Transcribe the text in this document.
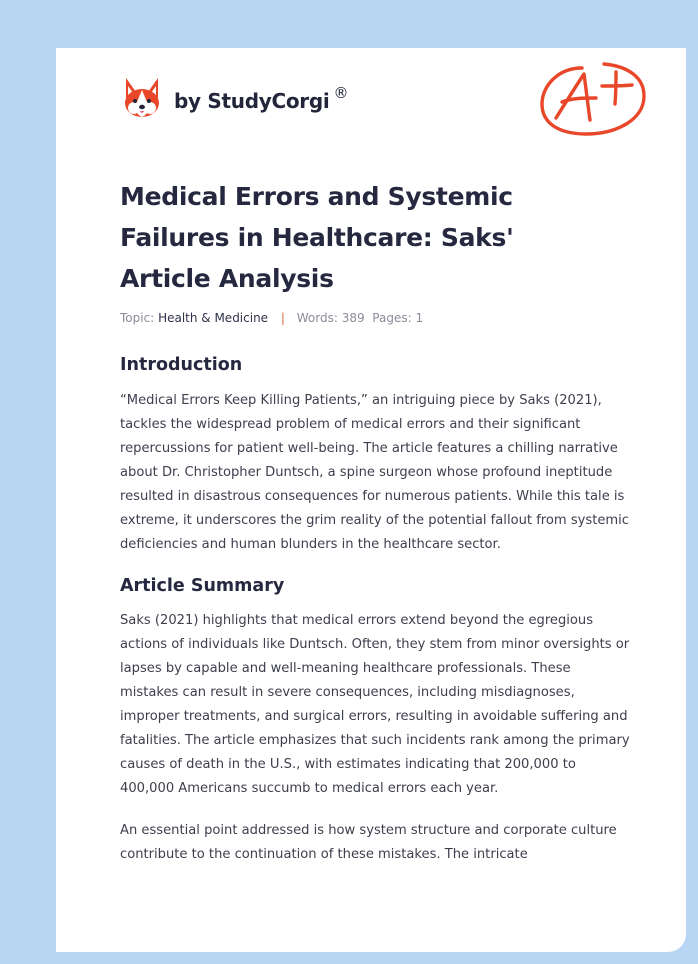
by StudyCorgi ®
Medical Errors and Systemic Failures in Healthcare: Saks' Article Analysis
Topic: Health & Medicine | Words: 389 Pages: 1
Introduction

“Medical Errors Keep Killing Patients,” an intriguing piece by Saks (2021), tackles the widespread problem of medical errors and their significant repercussions for patient well-being. The article features a chilling narrative about Dr. Christopher Duntsch, a spine surgeon whose profound ineptitude resulted in disastrous consequences for numerous patients. While this tale is extreme, it underscores the grim reality of the potential fallout from systemic deficiencies and human blunders in the healthcare sector.

Article Summary

Saks (2021) highlights that medical errors extend beyond the egregious actions of individuals like Duntsch. Often, they stem from minor oversights or lapses by capable and well-meaning healthcare professionals. These mistakes can result in severe consequences, including misdiagnoses, improper treatments, and surgical errors, resulting in avoidable suffering and fatalities. The article emphasizes that such incidents rank among the primary causes of death in the U.S., with estimates indicating that 200,000 to 400,000 Americans succumb to medical errors each year.

An essential point addressed is how system structure and corporate culture contribute to the continuation of these mistakes. The intricate
